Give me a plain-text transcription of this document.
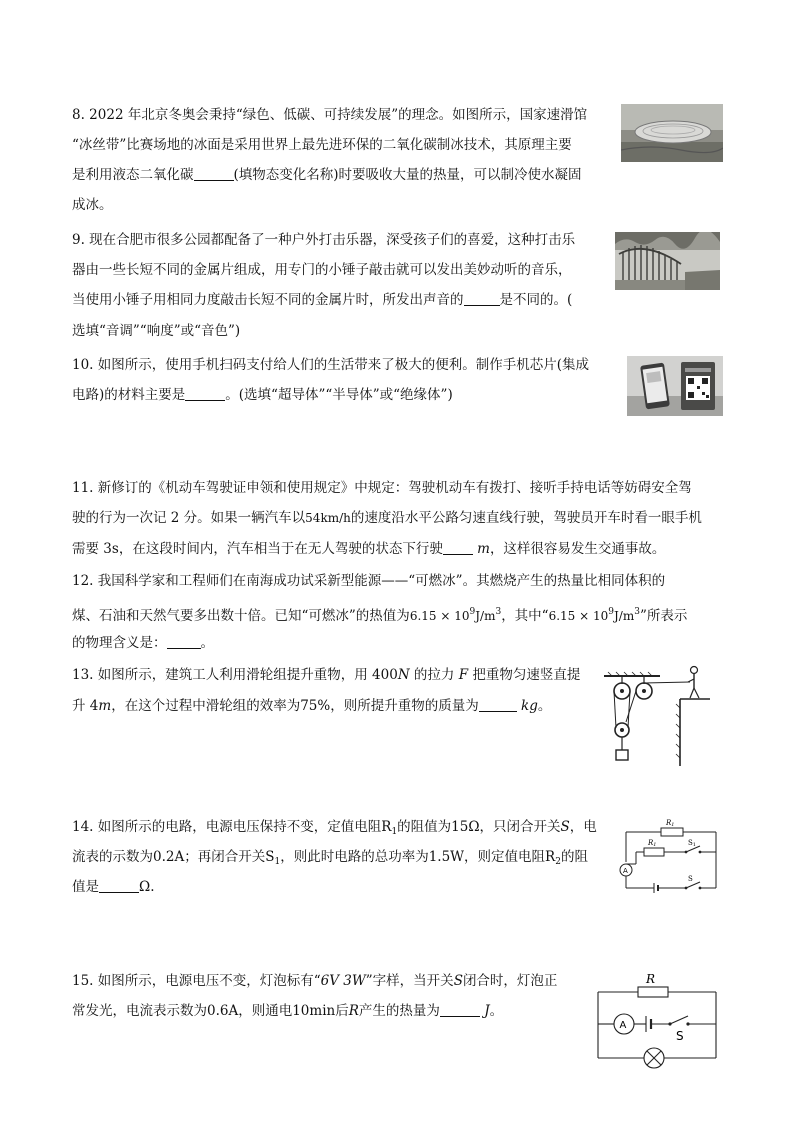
8. 2022 年北京冬奥会秉持“绿色、低碳、可持续发展”的理念。如图所示，国家速滑馆
“冰丝带”比赛场地的冰面是采用世界上最先进环保的二氧化碳制冰技术，其原理主要
是利用液态二氧化碳	(填物态变化名称)时要吸收大量的热量，可以制冷使水凝固
成冰。
9. 现在合肥市很多公园都配备了一种户外打击乐器，深受孩子们的喜爱，这种打击乐
器由一些长短不同的金属片组成，用专门的小锤子敲击就可以发出美妙动听的音乐，
当使用小锤子用相同力度敲击长短不同的金属片时，所发出声音的	是不同的。(
选填“音调”“响度”或“音色”)
10. 如图所示，使用手机扫码支付给人们的生活带来了极大的便利。制作手机芯片(集成
电路)的材料主要是	。(选填“超导体”“半导体”或“绝缘体”)
11. 新修订的《机动车驾驶证申领和使用规定》中规定：驾驶机动车有拨打、接听手持电话等妨碍安全驾
驶的行为一次记 2 分。如果一辆汽车以54km/h的速度沿水平公路匀速直线行驶，驾驶员开车时看一眼手机
需要 3s，在这段时间内，汽车相当于在无人驾驶的状态下行驶	m，这样很容易发生交通事故。
12. 我国科学家和工程师们在南海成功试采新型能源——“可燃冰”。其燃烧产生的热量比相同体积的
煤、石油和天然气要多出数十倍。已知“可燃冰”的热值为$6.15 \times 10^9J/m^3$，其中“$6.15 \times 10^9J/m^3$”所表示
的物理含义是：	。
13. 如图所示，建筑工人利用滑轮组提升重物，用 400N 的拉力 F 把重物匀速竖直提
升 4m，在这个过程中滑轮组的效率为75%，则所提升重物的质量为	kg。
14. 如图所示的电路，电源电压保持不变，定值电阻$R_1$的阻值为15Ω，只闭合开关S，电
流表的示数为0.2A；再闭合开关$S_1$，则此时电路的总功率为1.5W，则定值电阻$R_2$的阻
值是	Ω.
R1
R1	S1
S
A
15. 如图所示，电源电压不变，灯泡标有“6V 3W”字样，当开关S闭合时，灯泡正
常发光，电流表示数为0.6A，则通电10min后R产生的热量为	J。
R
A
S
